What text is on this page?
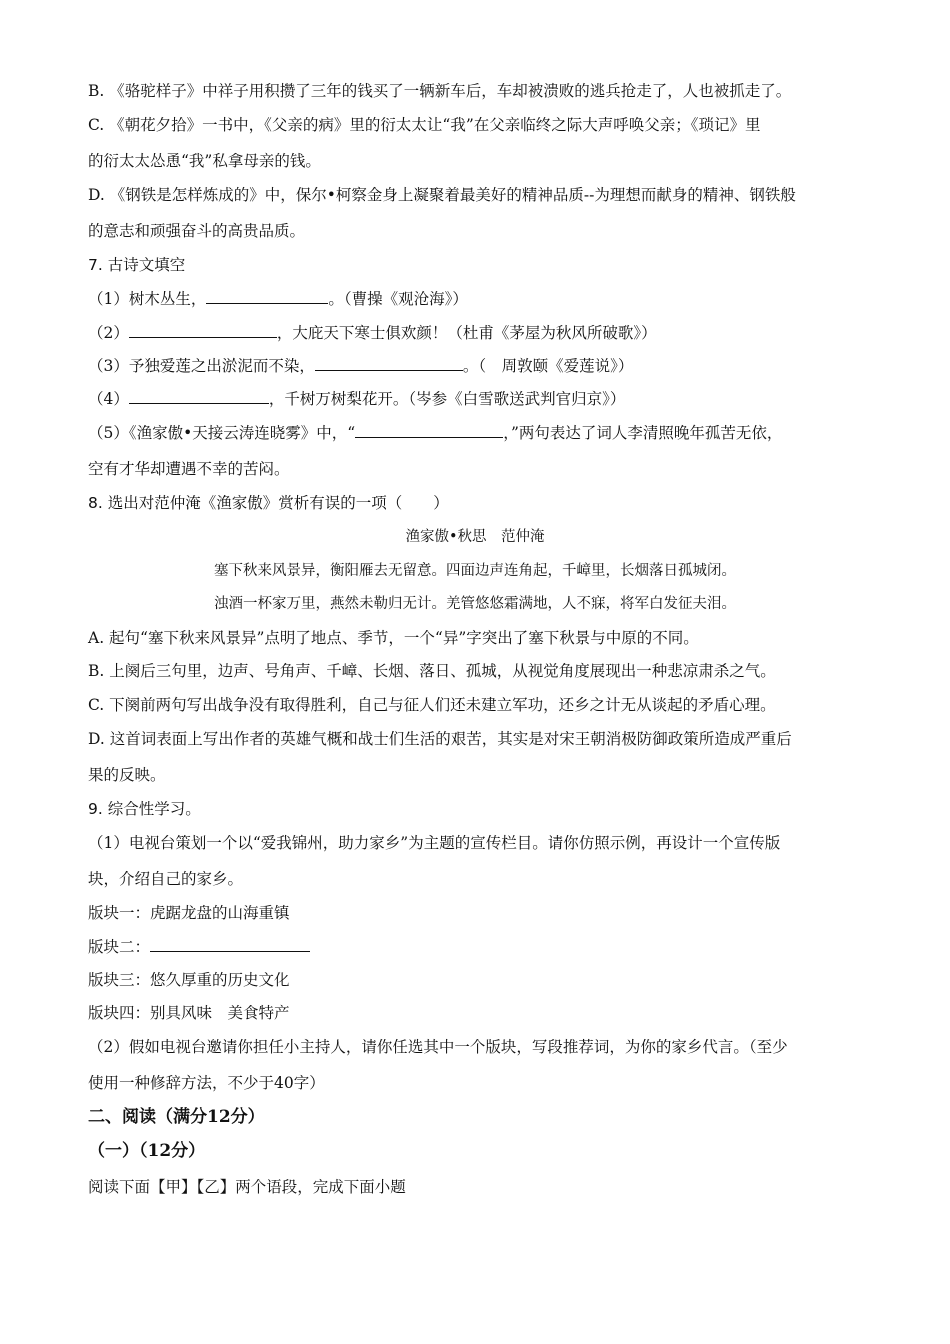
B. 《骆驼样子》中祥子用积攒了三年的钱买了一辆新车后，车却被溃败的逃兵抢走了，人也被抓走了。
C. 《朝花夕拾》一书中，《父亲的病》里的衍太太让“我”在父亲临终之际大声呼唤父亲；《琐记》里
的衍太太怂恿“我”私拿母亲的钱。
D. 《钢铁是怎样炼成的》中，保尔•柯察金身上凝聚着最美好的精神品质--为理想而献身的精神、钢铁般
的意志和顽强奋斗的高贵品质。
7. 古诗文填空
（1）树木丛生，	。（曹操《观沧海》）
（2）	，大庇天下寒士俱欢颜！（杜甫《茅屋为秋风所破歌》）
（3）予独爱莲之出淤泥而不染，	。（　周敦颐《爱莲说》）
（4）	，千树万树梨花开。（岑参《白雪歌送武判官归京》）
（5）《渔家傲•天接云涛连晓雾》中，“	，”两句表达了词人李清照晚年孤苦无依，
空有才华却遭遇不幸的苦闷。
8. 选出对范仲淹《渔家傲》赏析有误的一项（　　）
渔家傲•秋思　范仲淹
塞下秋来风景异，衡阳雁去无留意。四面边声连角起，千嶂里，长烟落日孤城闭。
浊酒一杯家万里，燕然未勒归无计。羌管悠悠霜满地，人不寐，将军白发征夫泪。
A. 起句“塞下秋来风景异”点明了地点、季节，一个“异”字突出了塞下秋景与中原的不同。
B. 上阕后三句里，边声、号角声、千嶂、长烟、落日、孤城，从视觉角度展现出一种悲凉肃杀之气。
C. 下阕前两句写出战争没有取得胜利，自己与征人们还未建立军功，还乡之计无从谈起的矛盾心理。
D. 这首词表面上写出作者的英雄气概和战士们生活的艰苦，其实是对宋王朝消极防御政策所造成严重后
果的反映。
9. 综合性学习。
（1）电视台策划一个以“爱我锦州，助力家乡”为主题的宣传栏目。请你仿照示例，再设计一个宣传版
块，介绍自己的家乡。
版块一：虎踞龙盘的山海重镇
版块二：
版块三：悠久厚重的历史文化
版块四：别具风味　美食特产
（2）假如电视台邀请你担任小主持人，请你任选其中一个版块，写段推荐词，为你的家乡代言。（至少
使用一种修辞方法，不少于40字）
二、阅读（满分12分）
（一）（12分）
阅读下面【甲】【乙】两个语段，完成下面小题
